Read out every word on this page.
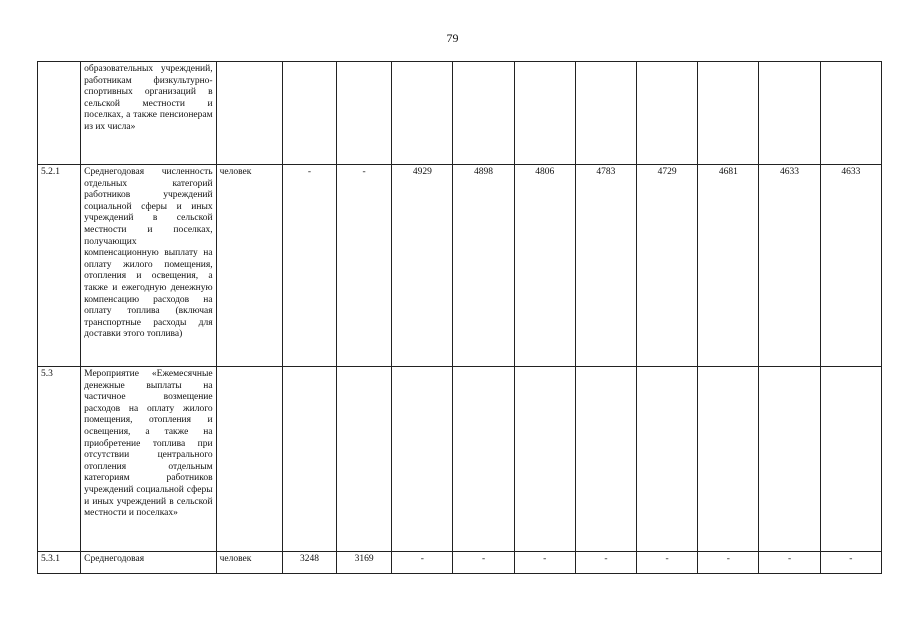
79
	образовательных учреждений, работникам физкультурно-спортивных организаций в сельской местности и поселках, а также пенсионерам из их числа»											
5.2.1	Среднегодовая численность отдельных категорий работников учреждений социальной сферы и иных учреждений в сельской местности и поселках, получающих компенсационную выплату на оплату жилого помещения, отопления и освещения, а также и ежегодную денежную компенсацию расходов на оплату топлива (включая транспортные расходы для доставки этого топлива)	человек	-	-	4929	4898	4806	4783	4729	4681	4633	4633
5.3	Мероприятие «Ежемесячные денежные выплаты на частичное возмещение расходов на оплату жилого помещения, отопления и освещения, а также на приобретение топлива при отсутствии центрального отопления отдельным категориям работников учреждений социальной сферы и иных учреждений в сельской местности и поселках»											
5.3.1	Среднегодовая	человек	3248	3169	-	-	-	-	-	-	-	-
